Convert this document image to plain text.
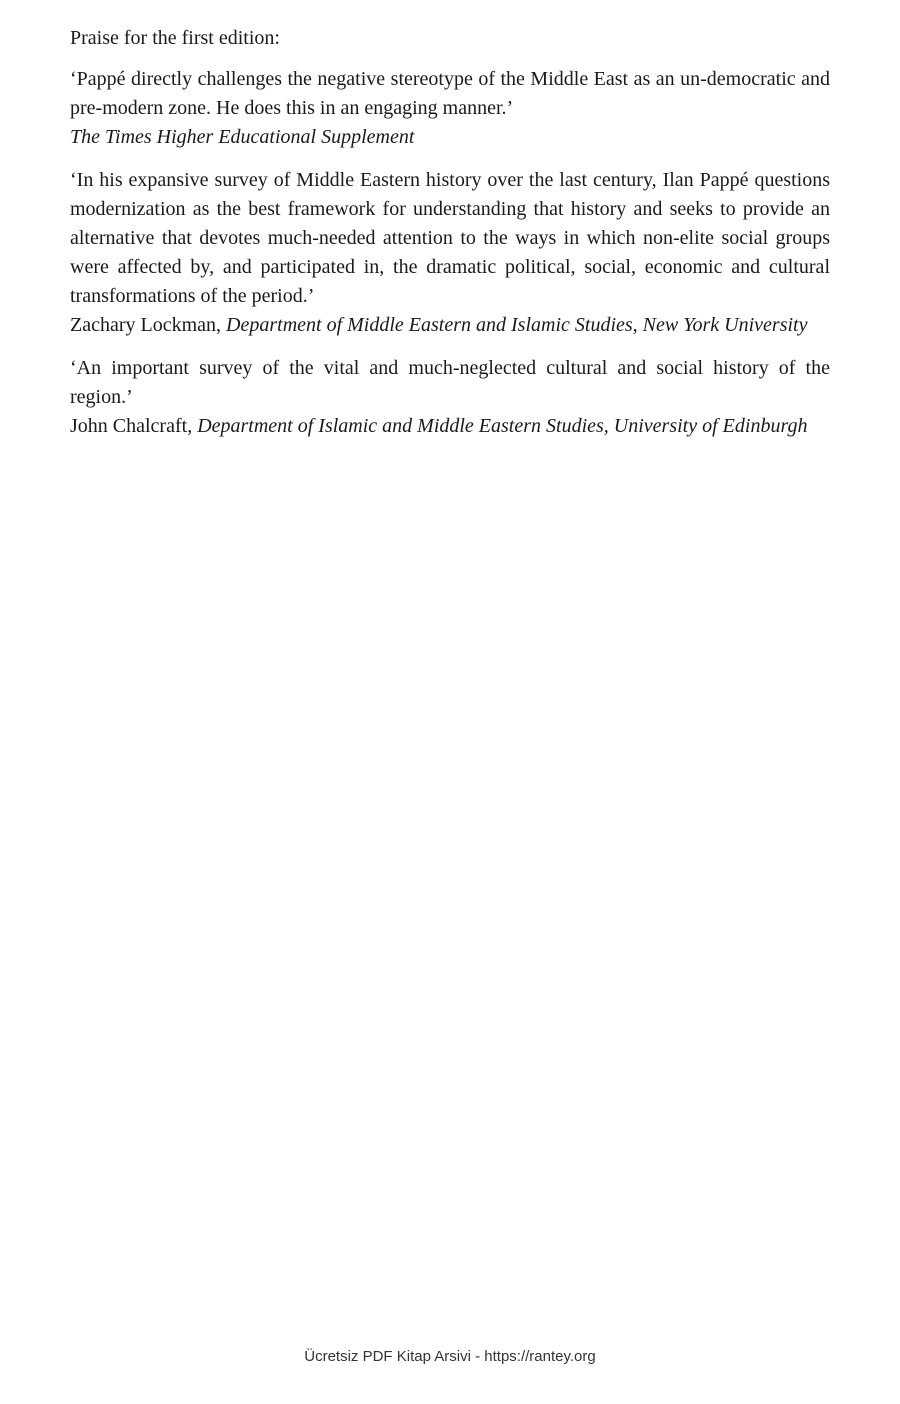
Praise for the first edition:

‘Pappé directly challenges the negative stereotype of the Middle East as an un-democratic and pre-modern zone. He does this in an engaging manner.’

The Times Higher Educational Supplement

‘In his expansive survey of Middle Eastern history over the last century, Ilan Pappé questions modernization as the best framework for understanding that history and seeks to provide an alternative that devotes much-needed attention to the ways in which non-elite social groups were affected by, and participated in, the dramatic political, social, economic and cultural transformations of the period.’

Zachary Lockman, Department of Middle Eastern and Islamic Studies, New York University

‘An important survey of the vital and much-neglected cultural and social history of the region.’

John Chalcraft, Department of Islamic and Middle Eastern Studies, University of Edinburgh

Ücretsiz PDF Kitap Arsivi - https://rantey.org
